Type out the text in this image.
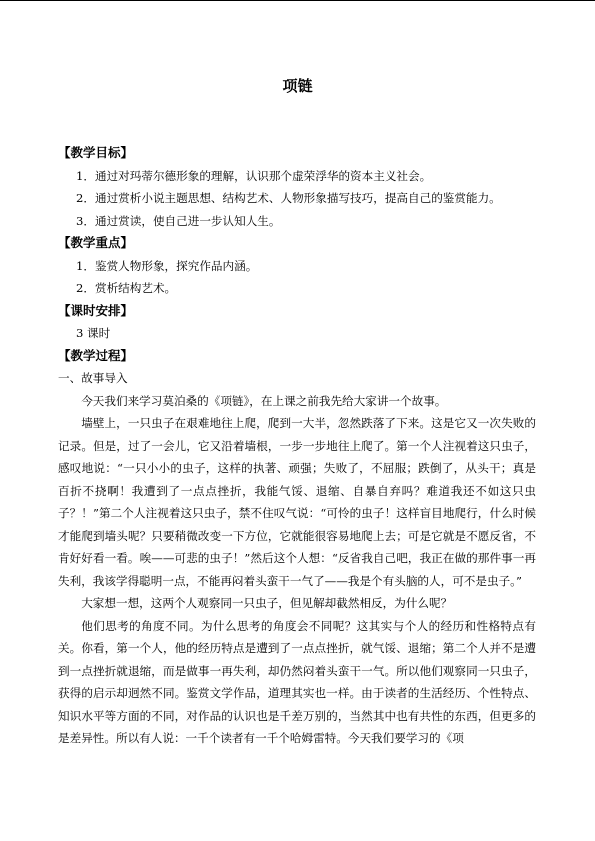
项链
【教学目标】
1．通过对玛蒂尔德形象的理解，认识那个虚荣浮华的资本主义社会。
2．通过赏析小说主题思想、结构艺术、人物形象描写技巧，提高自己的鉴赏能力。
3．通过赏读，使自己进一步认知人生。
【教学重点】
1．鉴赏人物形象，探究作品内涵。
2．赏析结构艺术。
【课时安排】
3 课时
【教学过程】
一、故事导入

今天我们来学习莫泊桑的《项链》，在上课之前我先给大家讲一个故事。

墙壁上，一只虫子在艰难地往上爬，爬到一大半，忽然跌落了下来。这是它又一次失败的记录。但是，过了一会儿，它又沿着墙根，一步一步地往上爬了。第一个人注视着这只虫子，感叹地说：“一只小小的虫子，这样的执著、顽强；失败了，不屈服；跌倒了，从头干；真是百折不挠啊！我遭到了一点点挫折，我能气馁、退缩、自暴自弃吗？难道我还不如这只虫子？！”第二个人注视着这只虫子，禁不住叹气说：“可怜的虫子！这样盲目地爬行，什么时候才能爬到墙头呢？只要稍微改变一下方位，它就能很容易地爬上去；可是它就是不愿反省，不肯好好看一看。唉——可悲的虫子！”然后这个人想：“反省我自己吧，我正在做的那件事一再失利，我该学得聪明一点，不能再闷着头蛮干一气了——我是个有头脑的人，可不是虫子。”

大家想一想，这两个人观察同一只虫子，但见解却截然相反，为什么呢？

他们思考的角度不同。为什么思考的角度会不同呢？这其实与个人的经历和性格特点有关。你看，第一个人，他的经历特点是遭到了一点点挫折，就气馁、退缩；第二个人并不是遭到一点挫折就退缩，而是做事一再失利，却仍然闷着头蛮干一气。所以他们观察同一只虫子，获得的启示却迥然不同。鉴赏文学作品，道理其实也一样。由于读者的生活经历、个性特点、知识水平等方面的不同，对作品的认识也是千差万别的，当然其中也有共性的东西，但更多的是差异性。所以有人说：一千个读者有一千个哈姆雷特。今天我们要学习的《项
